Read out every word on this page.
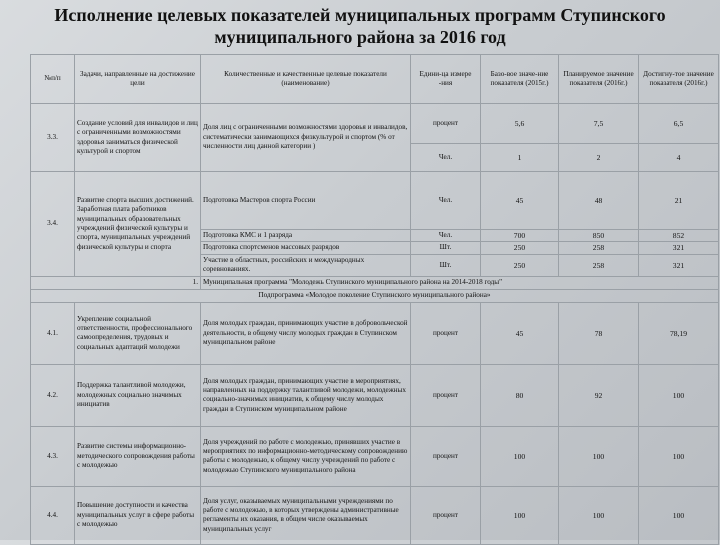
Исполнение целевых показателей муниципальных программ Ступинского
муниципального района за 2016 год
№п/п	Задачи, направленные на достижение цели	Количественные и качественные целевые показатели (наименование)	Едини-ца измере -ния	Базо-вое значе-ние показателя (2015г.)	Планируемое значение показателя (2016г.)	Достигну-тое значение показателя (2016г.)
3.3.	Создание условий для инвалидов и лиц с ограниченными возможностями здоровья заниматься физической культурой и спортом	Доля лиц с ограниченными возможностями здоровья и инвалидов, систематически занимающихся физкультурой и спортом (% от численности лиц данной категории )	процент	5,6	7,5	6,5
			Чел.	1	2	4
3.4.	Развитие спорта высших достижений. Заработная плата работников муниципальных образовательных учреждений физической культуры и спорта, муниципальных учреждений физической культуры и спорта	Подготовка Мастеров спорта России	Чел.	45	48	21
		Подготовка КМС и 1 разряда	Чел.	700	850	852
		Подготовка спортсменов массовых разрядов	Шт.	250	258	321
		Участие в областных, российских и международных соревнованиях.	Шт.	250	258	321
1.		Муниципальная программа "Молодежь Ступинского муниципального района на 2014-2018 годы"				
Подпрограмма «Молодое поколение Ступинского муниципального района»						
4.1.	Укрепление социальной ответственности, профессионального самоопределения, трудовых и социальных адаптаций молодежи	Доля молодых граждан, принимающих участие в добровольческой деятельности, в общему числу молодых граждан в Ступинском муниципальном районе	процент	45	78	78,19
4.2.	Поддержка талантливой молодежи, молодежных социально значимых инициатив	Доля молодых граждан, принимающих участие в мероприятиях, направленных на поддержку талантливой молодежи, молодежных социально-значимых инициатив, к общему числу молодых граждан в Ступинском муниципальном районе	процент	80	92	100
4.3.	Развитие системы информационно-методического сопровождения работы с молодежью	Доля учреждений по работе с молодежью, принявших участие в мероприятиях по информационно-методическому сопровождению работы с молодежью, к общему числу учреждений по работе с молодежью Ступинского муниципального района	процент	100	100	100
4.4.	Повышение доступности и качества муниципальных услуг в сфере работы с молодежью	Доля услуг, оказываемых муниципальными учреждениями по работе с молодежью, в которых утверждены административные регламенты их оказания, в общем числе оказываемых муниципальных услуг	процент	100	100	100
